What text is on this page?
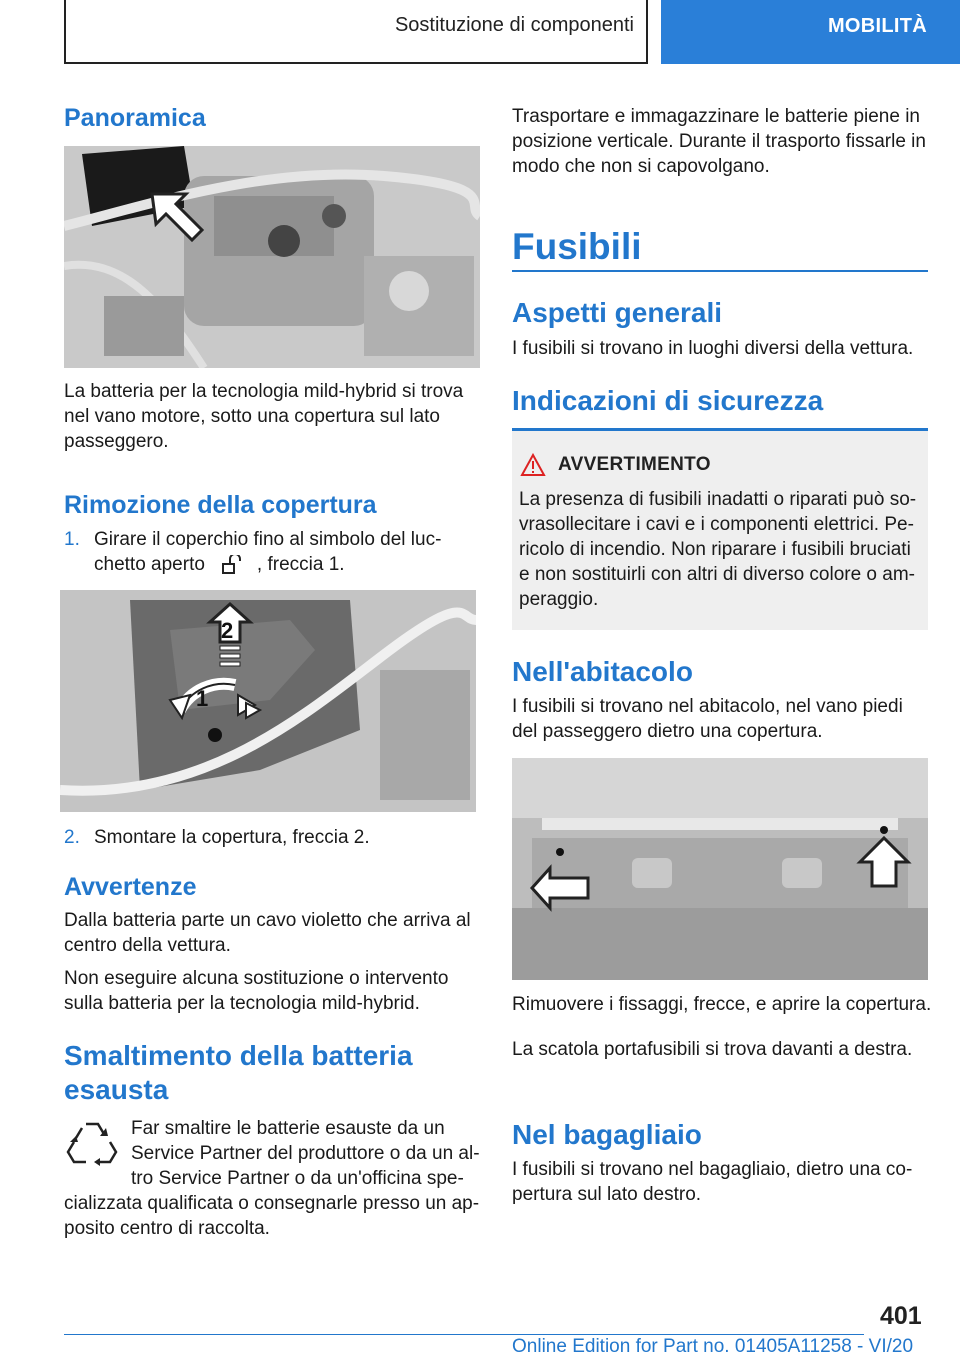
Sostituzione di componenti	MOBILITÀ
Panoramica
La batteria per la tecnologia mild-hybrid si trova
nel vano motore, sotto una copertura sul lato
passeggero.
Rimozione della copertura
1. Girare il coperchio fino al simbolo del luc-
chetto aperto	, freccia 1.
2
1
2. Smontare la copertura, freccia 2.
Avvertenze
Dalla batteria parte un cavo violetto che arriva al
centro della vettura.
Non eseguire alcuna sostituzione o intervento
sulla batteria per la tecnologia mild-hybrid.
Smaltimento della batteria
esausta
Far smaltire le batterie esauste da un
Service Partner del produttore o da un al-
tro Service Partner o da un'officina spe-
cializzata qualificata o consegnarle presso un ap-
posito centro di raccolta.
Trasportare e immagazzinare le batterie piene in
posizione verticale. Durante il trasporto fissarle in
modo che non si capovolgano.
Fusibili
Aspetti generali
I fusibili si trovano in luoghi diversi della vettura.
Indicazioni di sicurezza
AVVERTIMENTO
La presenza di fusibili inadatti o riparati può so-
vrasollecitare i cavi e i componenti elettrici. Pe-
ricolo di incendio. Non riparare i fusibili bruciati
e non sostituirli con altri di diverso colore o am-
peraggio.
Nell'abitacolo
I fusibili si trovano nel abitacolo, nel vano piedi
del passeggero dietro una copertura.
Rimuovere i fissaggi, frecce, e aprire la copertura.
La scatola portafusibili si trova davanti a destra.
Nel bagagliaio
I fusibili si trovano nel bagagliaio, dietro una co-
pertura sul lato destro.
401
Online Edition for Part no. 01405A11258 - VI/20
